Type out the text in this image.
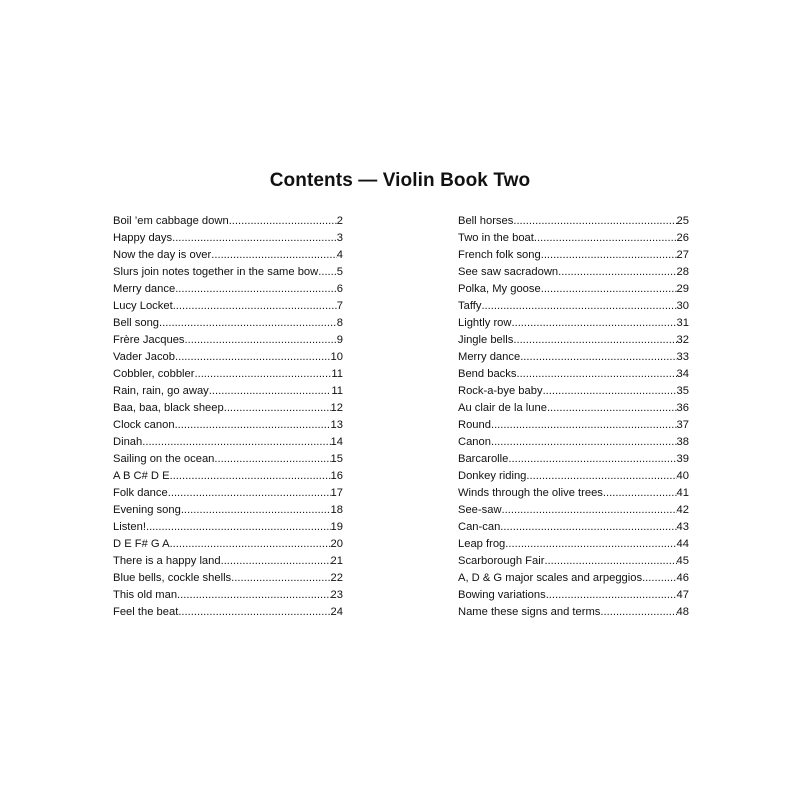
Contents — Violin Book Two
Boil ’em cabbage down .....	2
Happy days .....	3
Now the day is over .....	4
Slurs join notes together in the same bow ..... 5
Merry dance .....	6
Lucy Locket .....	7
Bell song .....	8
Frère Jacques .....	9
Vader Jacob .....	10
Cobbler, cobbler .....	11
Rain, rain, go away .....	11
Baa, baa, black sheep .....	12
Clock canon .....	13
Dinah .....	14
Sailing on the ocean .....	15
A B C# D E .....	16
Folk dance .....	17
Evening song .....	18
Listen! .....	19
D E F# G A .....	20
There is a happy land .....	21
Blue bells, cockle shells .....	22
This old man .....	23
Feel the beat .....	24
Bell horses .....	25
Two in the boat .....	26
French folk song .....	27
See saw sacradown .....	28
Polka, My goose .....	29
Taffy .....	30
Lightly row .....	31
Jingle bells .....	32
Merry dance .....	33
Bend backs .....	34
Rock-a-bye baby .....	35
Au clair de la lune .....	36
Round .....	37
Canon .....	38
Barcarolle .....	39
Donkey riding .....	40
Winds through the olive trees .....	41
See-saw .....	42
Can-can .....	43
Leap frog .....	44
Scarborough Fair .....	45
A, D & G major scales and arpeggios .....	46
Bowing variations .....	47
Name these signs and terms .....	48
